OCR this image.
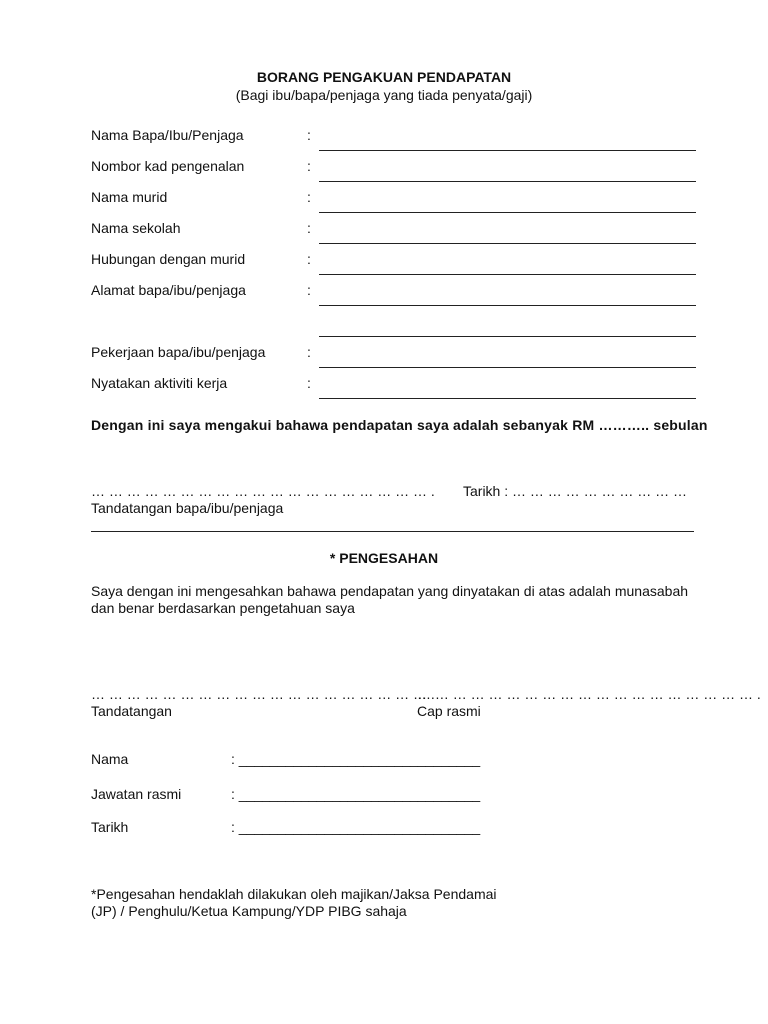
BORANG PENGAKUAN PENDAPATAN
(Bagi ibu/bapa/penjaga yang tiada penyata/gaji)
Nama Bapa/Ibu/Penjaga	:
Nombor kad pengenalan	:
Nama murid	:
Nama sekolah	:
Hubungan dengan murid	:
Alamat bapa/ibu/penjaga	:
Pekerjaan bapa/ibu/penjaga	:
Nyatakan aktiviti kerja	:
Dengan ini saya mengakui bahawa pendapatan saya adalah sebanyak RM ……….. sebulan
… … … … … … … … … … … … … … … … … … … . Tarikh : … … … … … … … … … …
Tandatangan bapa/ibu/penjaga
* PENGESAHAN
Saya dengan ini mengesahkan bahawa pendapatan yang dinyatakan di atas adalah munasabah dan benar berdasarkan pengetahuan saya
… … … … … … … … … … … … … … … … … … … .
Tandatangan
… … … … … … … … … … … … … … … … … … … .
Cap rasmi
Nama	: _______________________________
Jawatan rasmi	: _______________________________
Tarikh	: _______________________________
*Pengesahan hendaklah dilakukan oleh majikan/Jaksa Pendamai
(JP) / Penghulu/Ketua Kampung/YDP PIBG sahaja
